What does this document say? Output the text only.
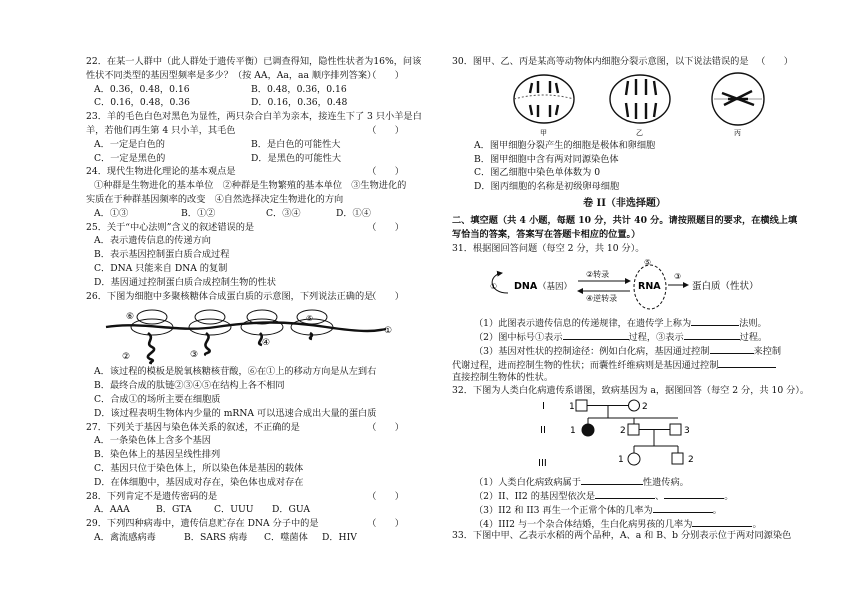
22．在某一人群中（此人群处于遗传平衡）已调查得知，隐性性状者为16%，问该
性状不同类型的基因型频率是多少？（按 AA，Aa，aa 顺序排列答案）
（　　）
A．0.36，0.48，0.16	B．0.48，0.36，0.16
C．0.16，0.48，0.36	D．0.16，0.36，0.48
23．羊的毛色白色对黑色为显性，两只杂合白羊为亲本，接连生下了 3 只小羊是白
羊，若他们再生第 4 只小羊，其毛色	（　　）
A．一定是白色的	B．是白色的可能性大
C．一定是黑色的	D．是黑色的可能性大
24．现代生物进化理论的基本观点是	（　　）
①种群是生物进化的基本单位　②种群是生物繁殖的基本单位　③生物进化的
实质在于种群基因频率的改变　④自然选择决定生物进化的方向
A．①③	B．①②	C．③④	D．①④
25．关于“中心法则”含义的叙述错误的是	（　　）
A．表示遗传信息的传递方向
B．表示基因控制蛋白质合成过程
C．DNA 只能来自 DNA 的复制
D．基因通过控制蛋白质合成控制生物的性状
26．下图为细胞中多聚核糖体合成蛋白质的示意图，下列说法正确的是
（　　）
⑥	⑤
④
③
②
①
A．该过程的模板是脱氧核糖核苷酸，⑥在①上的移动方向是从左到右
B．最终合成的肽链②③④⑤在结构上各不相同
C．合成①的场所主要在细胞质
D．该过程表明生物体内少量的 mRNA 可以迅速合成出大量的蛋白质
27．下列关于基因与染色体关系的叙述，不正确的是	（　　）
A．一条染色体上含多个基因
B．染色体上的基因呈线性排列
C．基因只位于染色体上，所以染色体是基因的载体
D．在体细胞中，基因成对存在，染色体也成对存在
28．下列肯定不是遗传密码的是	（　　）
A．AAA	B．GTA C．UUU D．GUA
29．下列四种病毒中，遗传信息贮存在 DNA 分子中的是	（　　）
A．禽流感病毒	B．SARS 病毒 C．噬菌体 D．HIV
30．图甲、乙、丙是某高等动物体内细胞分裂示意图，以下说法错误的是 （　　）
甲	乙	丙
A．图甲细胞分裂产生的细胞是极体和卵细胞
B．图甲细胞中含有两对同源染色体
C．图乙细胞中染色单体数为 0
D．图丙细胞的名称是初级卵母细胞
卷 II（非选择题）
二、填空题（共 4 小题，每题 10 分，共计 40 分。请按照题目的要求，在横线上填
写恰当的答案，答案写在答题卡相应的位置。）
31．根据图回答问题（每空 2 分，共 10 分）。
① DNA （基因）
②转录
④逆转录
⑤
RNA
③
蛋白质（性状）
（1）此图表示遗传信息的传递规律，在遗传学上称为	法则。
（2）图中标号①表示	过程，③表示	过程。
（3）基因对性状的控制途径：例如白化病，基因通过控制	来控制
代谢过程，进而控制生物的性状；而囊性纤维病则是基因通过控制
直接控制生物体的性状。
32．下图为人类白化病遗传系谱图，致病基因为 a，据图回答（每空 2 分，共 10 分）。
I
II
III
1	2
1	2	3
1	2
（1）人类白化病致病属于	性遗传病。
（2）II、II2 的基因型依次是	、	。
（3）II2 和 II3 再生一个正常个体的几率为	。
（4）III2 与一个杂合体结婚，生白化病男孩的几率为	。
33．下图中甲、乙表示水稻的两个品种，A、a 和 B、b 分别表示位于两对同源染色
